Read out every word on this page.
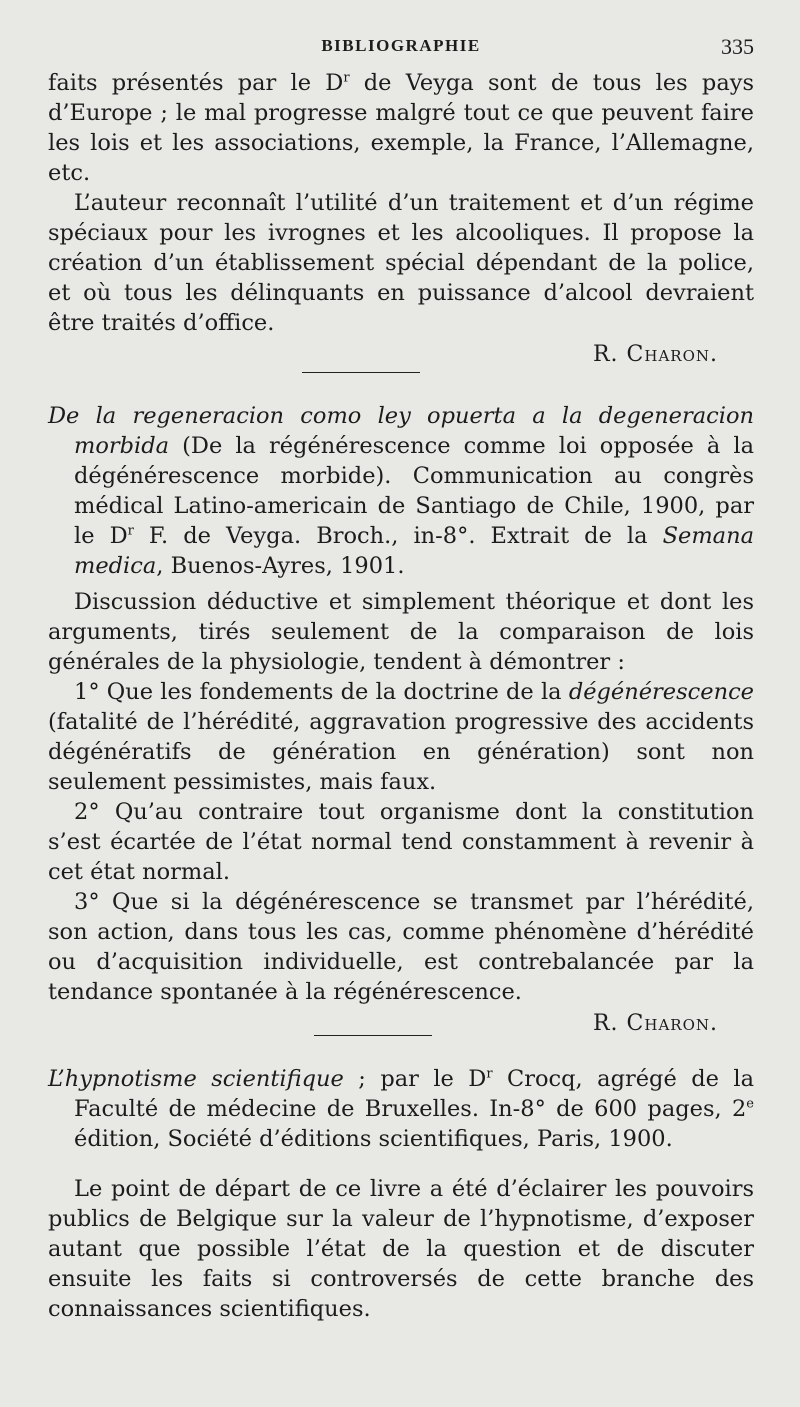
BIBLIOGRAPHIE	335

faits présentés par le $D^r$ de Veyga sont de tous les pays d’Europe ; le mal progresse malgré tout ce que peuvent faire les lois et les associations, exemple, la France, l’Allemagne, etc.

L’auteur reconnaît l’utilité d’un traitement et d’un régime spéciaux pour les ivrognes et les alcooliques. Il propose la création d’un établissement spécial dépendant de la police, et où tous les délinquants en puissance d’alcool devraient être traités d’office.

R. Charon.

De la regeneracion como ley opuerta a la degeneracion morbida (De la régénérescence comme loi opposée à la dégénérescence morbide). Communication au congrès médical Latino-americain de Santiago de Chile, 1900, par le $D^r$ F. de Veyga. Broch., in-8°. Extrait de la Semana medica, Buenos-Ayres, 1901.

Discussion déductive et simplement théorique et dont les arguments, tirés seulement de la comparaison de lois générales de la physiologie, tendent à démontrer :

1° Que les fondements de la doctrine de la dégénérescence (fatalité de l’hérédité, aggravation progressive des accidents dégénératifs de génération en génération) sont non seulement pessimistes, mais faux.

2° Qu’au contraire tout organisme dont la constitution s’est écartée de l’état normal tend constamment à revenir à cet état normal.

3° Que si la dégénérescence se transmet par l’hérédité, son action, dans tous les cas, comme phénomène d’hérédité ou d’acquisition individuelle, est contrebalancée par la tendance spontanée à la régénérescence.

R. Charon.

L’hypnotisme scientifique ; par le $D^r$ Crocq, agrégé de la Faculté de médecine de Bruxelles. In-8° de 600 pages, 2e édition, Société d’éditions scientifiques, Paris, 1900.

Le point de départ de ce livre a été d’éclairer les pouvoirs publics de Belgique sur la valeur de l’hypnotisme, d’exposer autant que possible l’état de la question et de discuter ensuite les faits si controversés de cette branche des connaissances scientifiques.
